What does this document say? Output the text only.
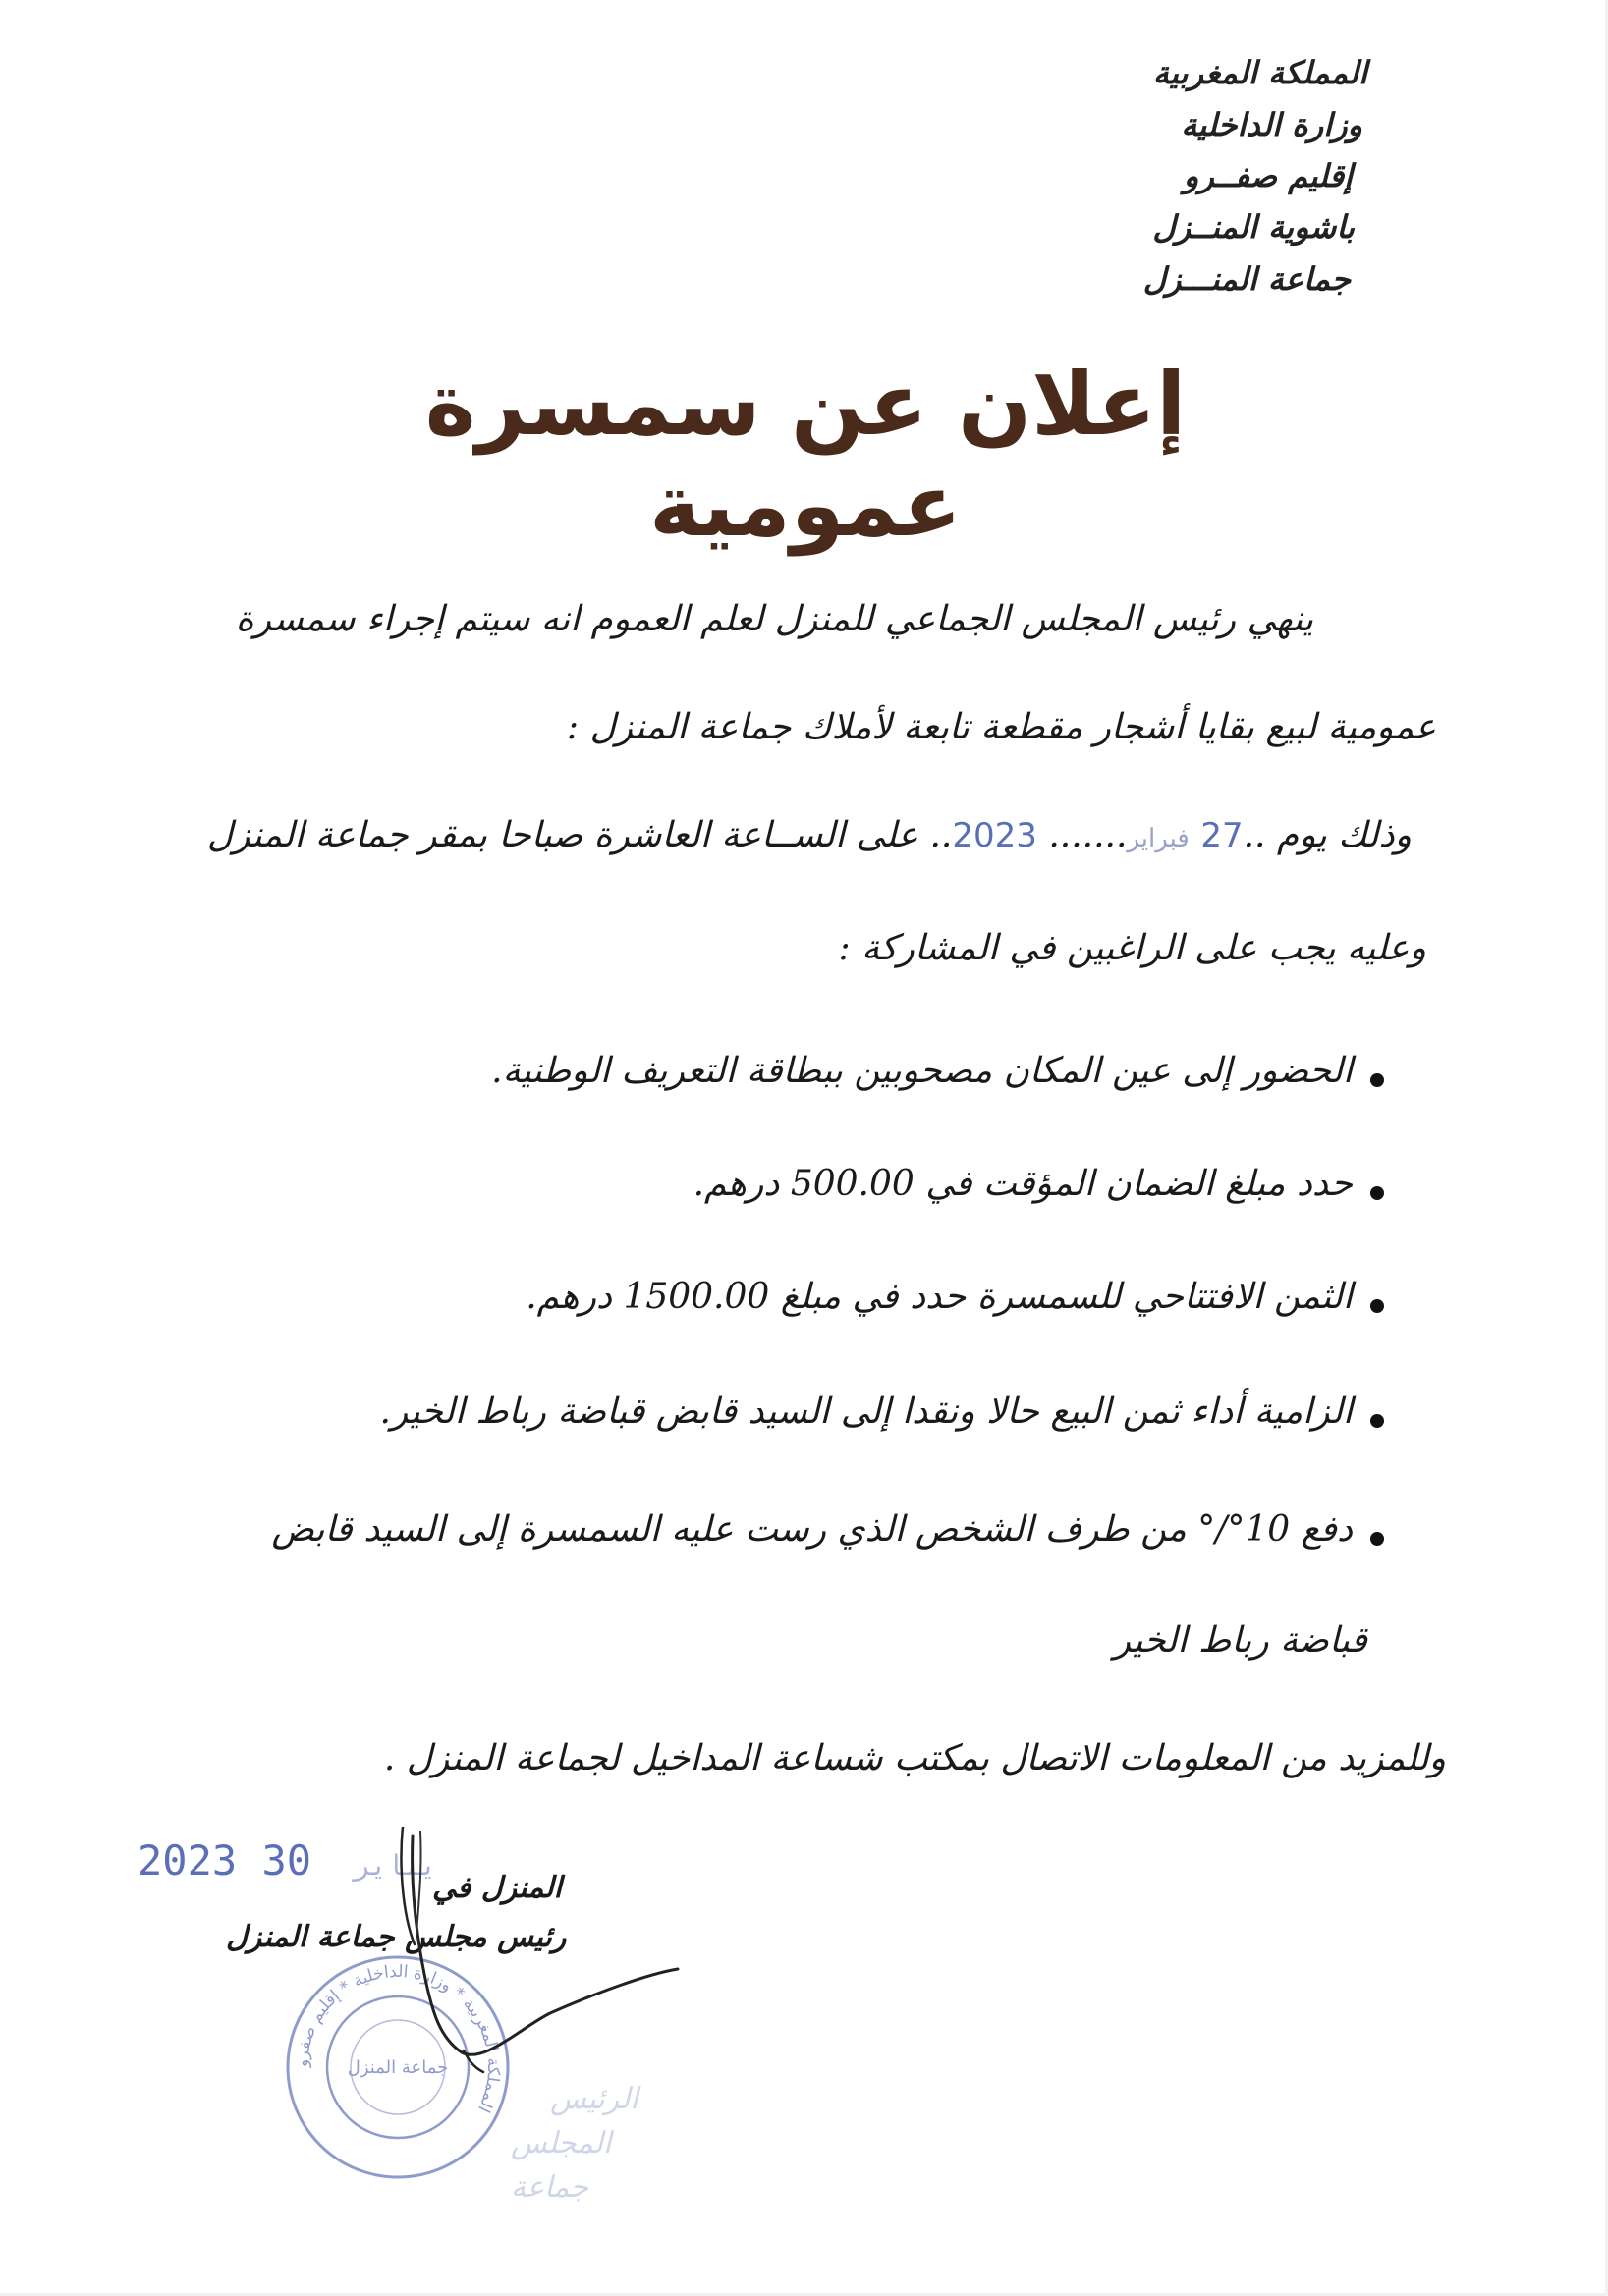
المملكة المغربية
وزارة الداخلية
إقليم صفــرو
باشوية المنــزل
جماعة المنـــزل
إعلان عن سمسرة عمومية
ينهي رئيس المجلس الجماعي للمنزل لعلم العموم انه سيتم إجراء سمسرة
عمومية لبيع بقايا أشجار مقطعة تابعة لأملاك جماعة المنزل :
وذلك يوم ..27 فبراير....... 2023.. على الســاعة العاشرة صباحا بمقر جماعة المنزل
وعليه يجب على الراغبين في المشاركة :
الحضور إلى عين المكان مصحوبين ببطاقة التعريف الوطنية.
حدد مبلغ الضمان المؤقت في 500.00 درهم.
الثمن الافتتاحي للسمسرة حدد في مبلغ 1500.00 درهم.
الزامية أداء ثمن البيع حالا ونقدا إلى السيد قابض قباضة رباط الخير.
دفع 10°/° من طرف الشخص الذي رست عليه السمسرة إلى السيد قابض
قباضة رباط الخير
وللمزيد من المعلومات الاتصال بمكتب شساعة المداخيل لجماعة المنزل .
2023	يناير 30
المنزل في
رئيس مجلس جماعة المنزل
المملكة المغربية * وزارة الداخلية * إقليم صفرو
جماعة المنزل
الرئيس
المجلس
جماعة
